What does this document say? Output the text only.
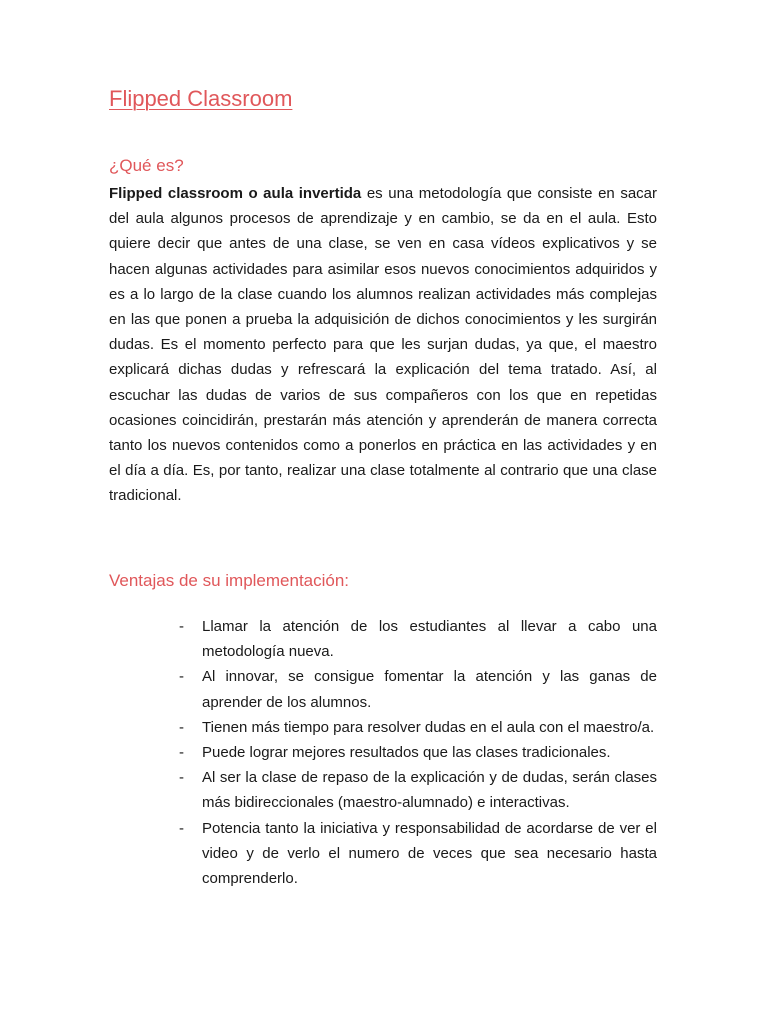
Flipped Classroom
¿Qué es?

Flipped classroom o aula invertida es una metodología que consiste en sacar del aula algunos procesos de aprendizaje y en cambio, se da en el aula. Esto quiere decir que antes de una clase, se ven en casa vídeos explicativos y se hacen algunas actividades para asimilar esos nuevos conocimientos adquiridos y es a lo largo de la clase cuando los alumnos realizan actividades más complejas en las que ponen a prueba la adquisición de dichos conocimientos y les surgirán dudas. Es el momento perfecto para que les surjan dudas, ya que, el maestro explicará dichas dudas y refrescará la explicación del tema tratado. Así, al escuchar las dudas de varios de sus compañeros con los que en repetidas ocasiones coincidirán, prestarán más atención y aprenderán de manera correcta tanto los nuevos contenidos como a ponerlos en práctica en las actividades y en el día a día. Es, por tanto, realizar una clase totalmente al contrario que una clase tradicional.

Ventajas de su implementación:
- Llamar la atención de los estudiantes al llevar a cabo una metodología nueva.
- Al innovar, se consigue fomentar la atención y las ganas de aprender de los alumnos.
- Tienen más tiempo para resolver dudas en el aula con el maestro/a.
- Puede lograr mejores resultados que las clases tradicionales.
- Al ser la clase de repaso de la explicación y de dudas, serán clases más bidireccionales (maestro-alumnado) e interactivas.
- Potencia tanto la iniciativa y responsabilidad de acordarse de ver el video y de verlo el numero de veces que sea necesario hasta comprenderlo.
